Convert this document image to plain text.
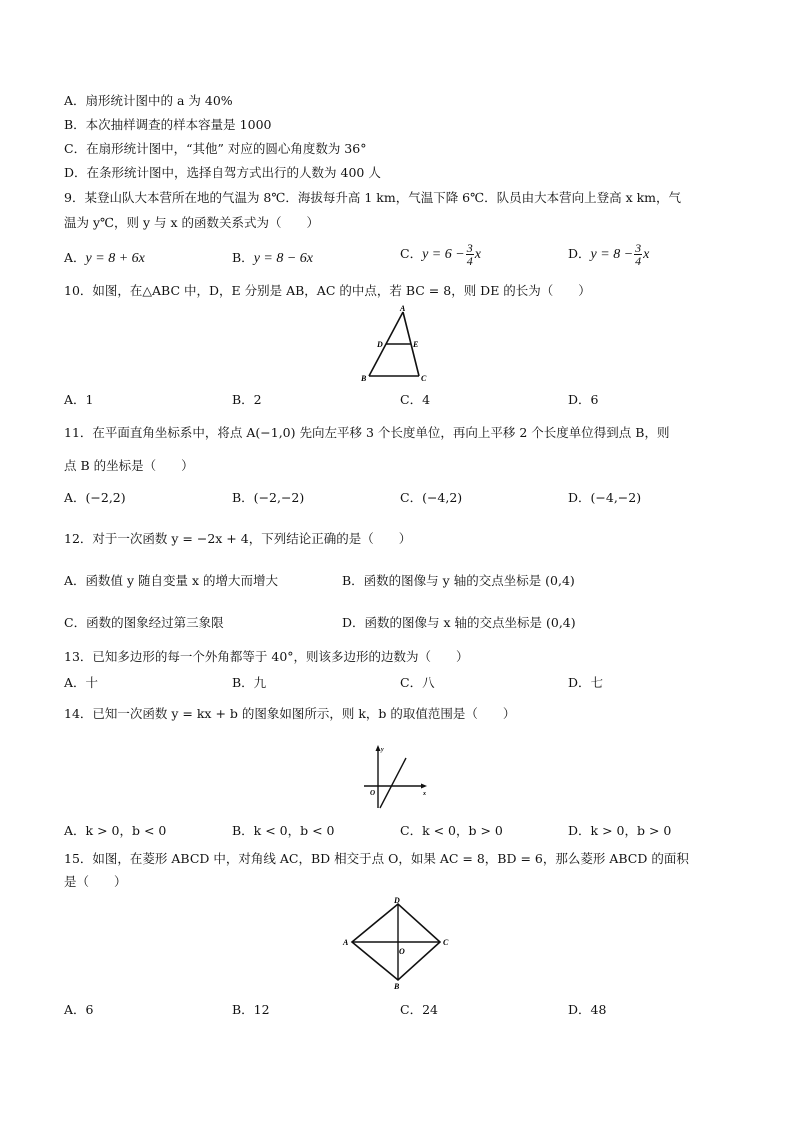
A．扇形统计图中的 a 为 40%
B．本次抽样调查的样本容量是 1000
C．在扇形统计图中，“其他” 对应的圆心角度数为 36°
D．在条形统计图中，选择自驾方式出行的人数为 400 人
9．某登山队大本营所在地的气温为 8℃．海拔每升高 1 km，气温下降 6℃．队员由大本营向上登高 x km，气
温为 y℃，则 y 与 x 的函数关系式为（　　）
A．y = 8 + 6x	B．y = 8 − 6x	C．$y = 6 - \frac{3}{4}$ x	D．$y = 8 - \frac{3}{4}$ x
10．如图，在△ABC 中，D，E 分别是 AB，AC 的中点，若 BC = 8，则 DE 的长为（　　）
A
D	E
B	C
A．1	B．2	C．4	D．6
11．在平面直角坐标系中，将点 A(−1,0) 先向左平移 3 个长度单位，再向上平移 2 个长度单位得到点 B，则
点 B 的坐标是（　　）
A．(−2,2)	B．(−2,−2)	C．(−4,2)	D．(−4,−2)
12．对于一次函数 y = −2x + 4，下列结论正确的是（　　）
A．函数值 y 随自变量 x 的增大而增大	B．函数的图像与 y 轴的交点坐标是 (0,4)
C．函数的图象经过第三象限	D．函数的图像与 x 轴的交点坐标是 (0,4)
13．已知多边形的每一个外角都等于 40°，则该多边形的边数为（　　）
A．十	B．九	C．八	D．七
14．已知一次函数 y = kx + b 的图象如图所示，则 k，b 的取值范围是（　　）
y
x
O
A．k > 0，b < 0	B．k < 0，b < 0	C．k < 0，b > 0	D．k > 0，b > 0
15．如图，在菱形 ABCD 中，对角线 AC，BD 相交于点 O，如果 AC = 8，BD = 6，那么菱形 ABCD 的面积
是（　　）
A	C
D
B
O
A．6	B．12	C．24	D．48
